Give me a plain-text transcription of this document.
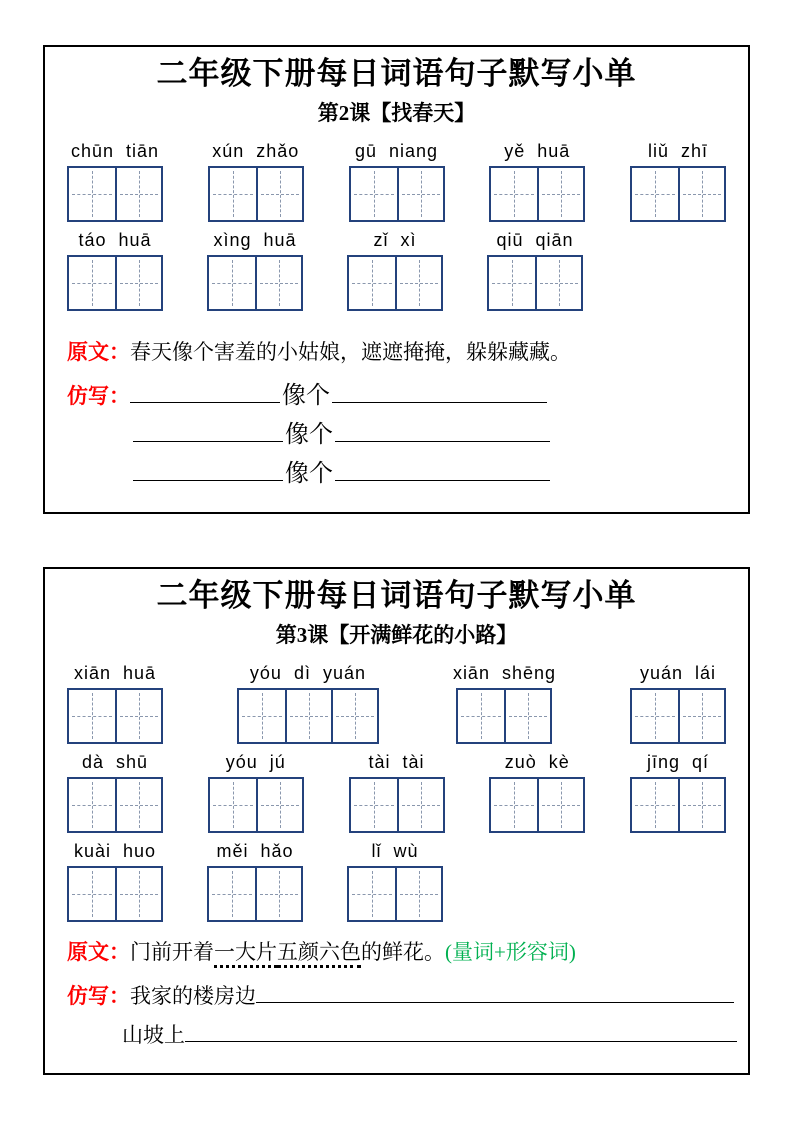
二年级下册每日词语句子默写小单
第2课【找春天】
chūn tiān	xún zhǎo	gū niang	yě huā	liǔ zhī
táo huā	xìng huā	zǐ xì	qiū qiān

原文：春天像个害羞的小姑娘，遮遮掩掩，躲躲藏藏。

仿写：	像个
像个
像个
二年级下册每日词语句子默写小单
第3课【开满鲜花的小路】
xiān huā	yóu dì yuán	xiān shēng	yuán lái
dà shū	yóu jú	tài tài	zuò kè	jīng qí
kuài huo	měi hǎo	lǐ wù

原文：门前开着一大片五颜六色的鲜花。(量词+形容词)

仿写：我家的楼房边
山坡上
